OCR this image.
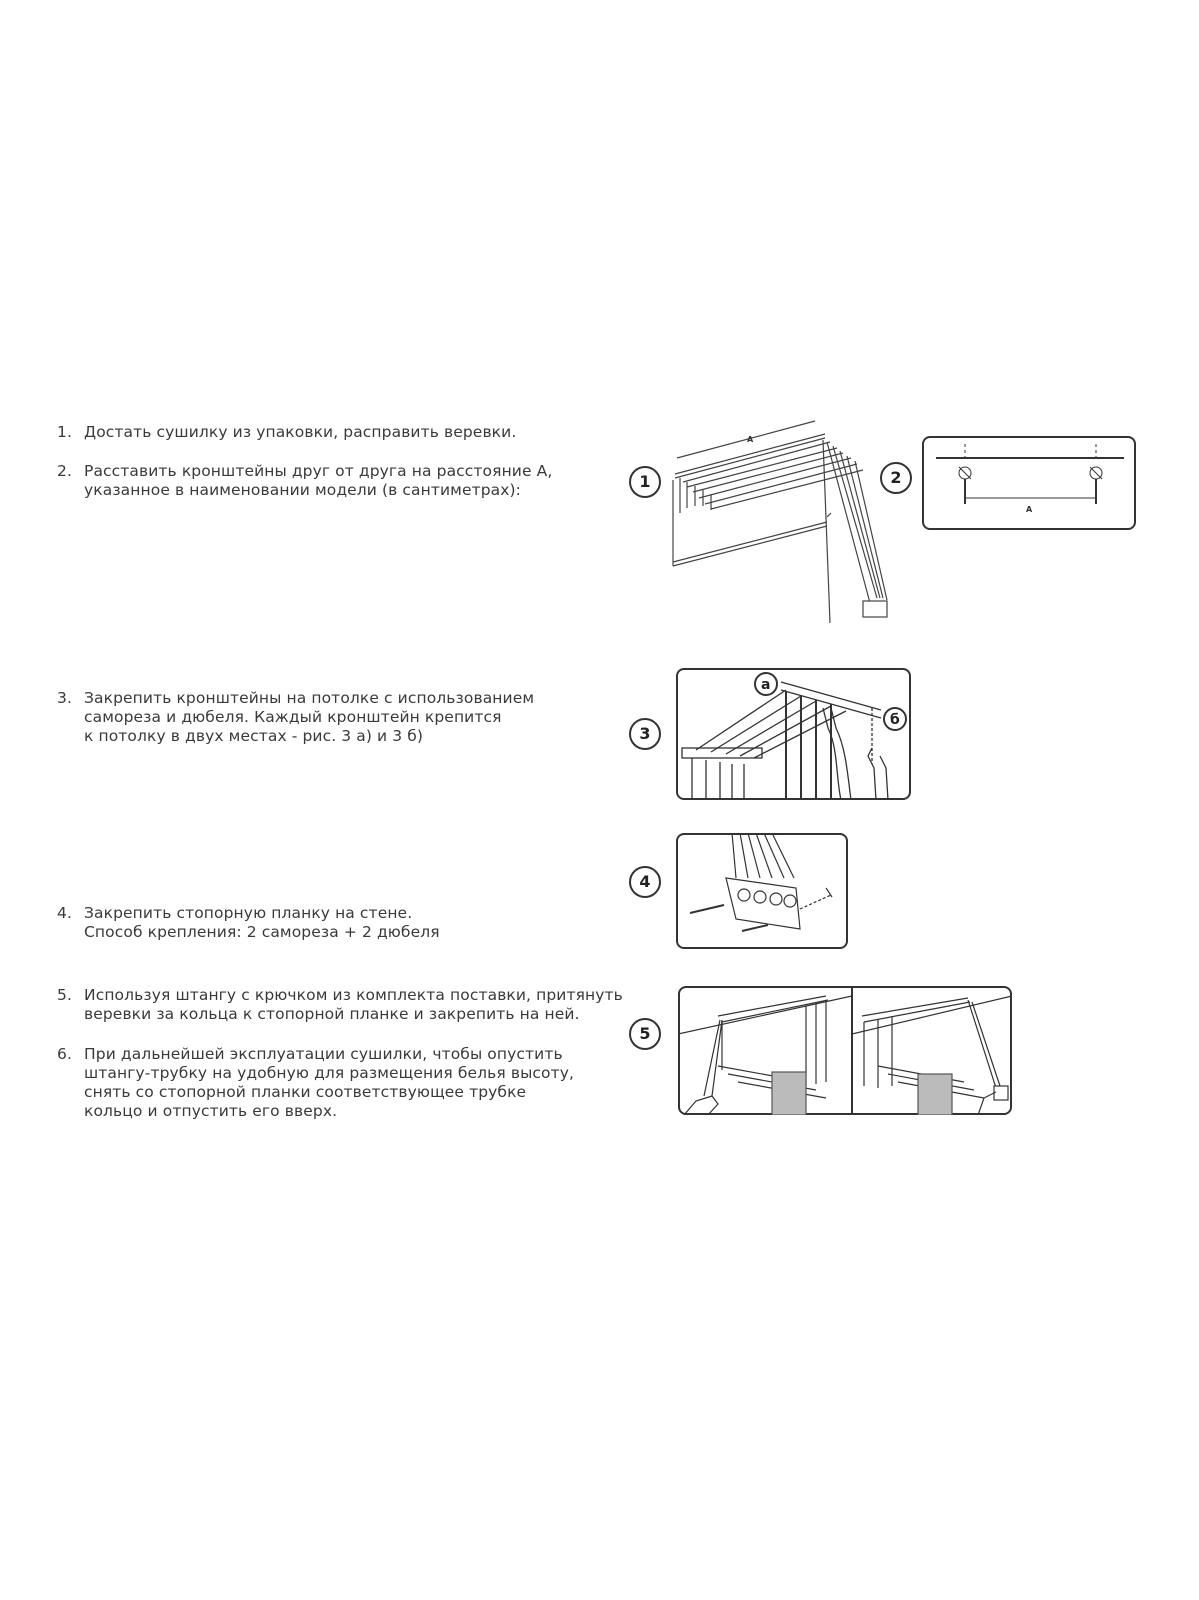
1. Достать сушилку из упаковки, расправить веревки.
2. Расставить кронштейны друг от друга на расстояние А,
указанное в наименовании модели (в сантиметрах):
3. Закрепить кронштейны на потолке с использованием
самореза и дюбеля. Каждый кронштейн крепится
к потолку в двух местах - рис. 3 а) и 3 б)
4. Закрепить стопорную планку на стене.
Способ крепления: 2 самореза + 2 дюбеля
5. Используя штангу с крючком из комплекта поставки, притянуть
веревки за кольца к стопорной планке и закрепить на ней.
6. При дальнейшей эксплуатации сушилки, чтобы опустить
штангу-трубку на удобную для размещения белья высоту,
снять со стопорной планки соответствующее трубке
кольцо и отпустить его вверх.
1
А
2
А
3
а
б
4
5
